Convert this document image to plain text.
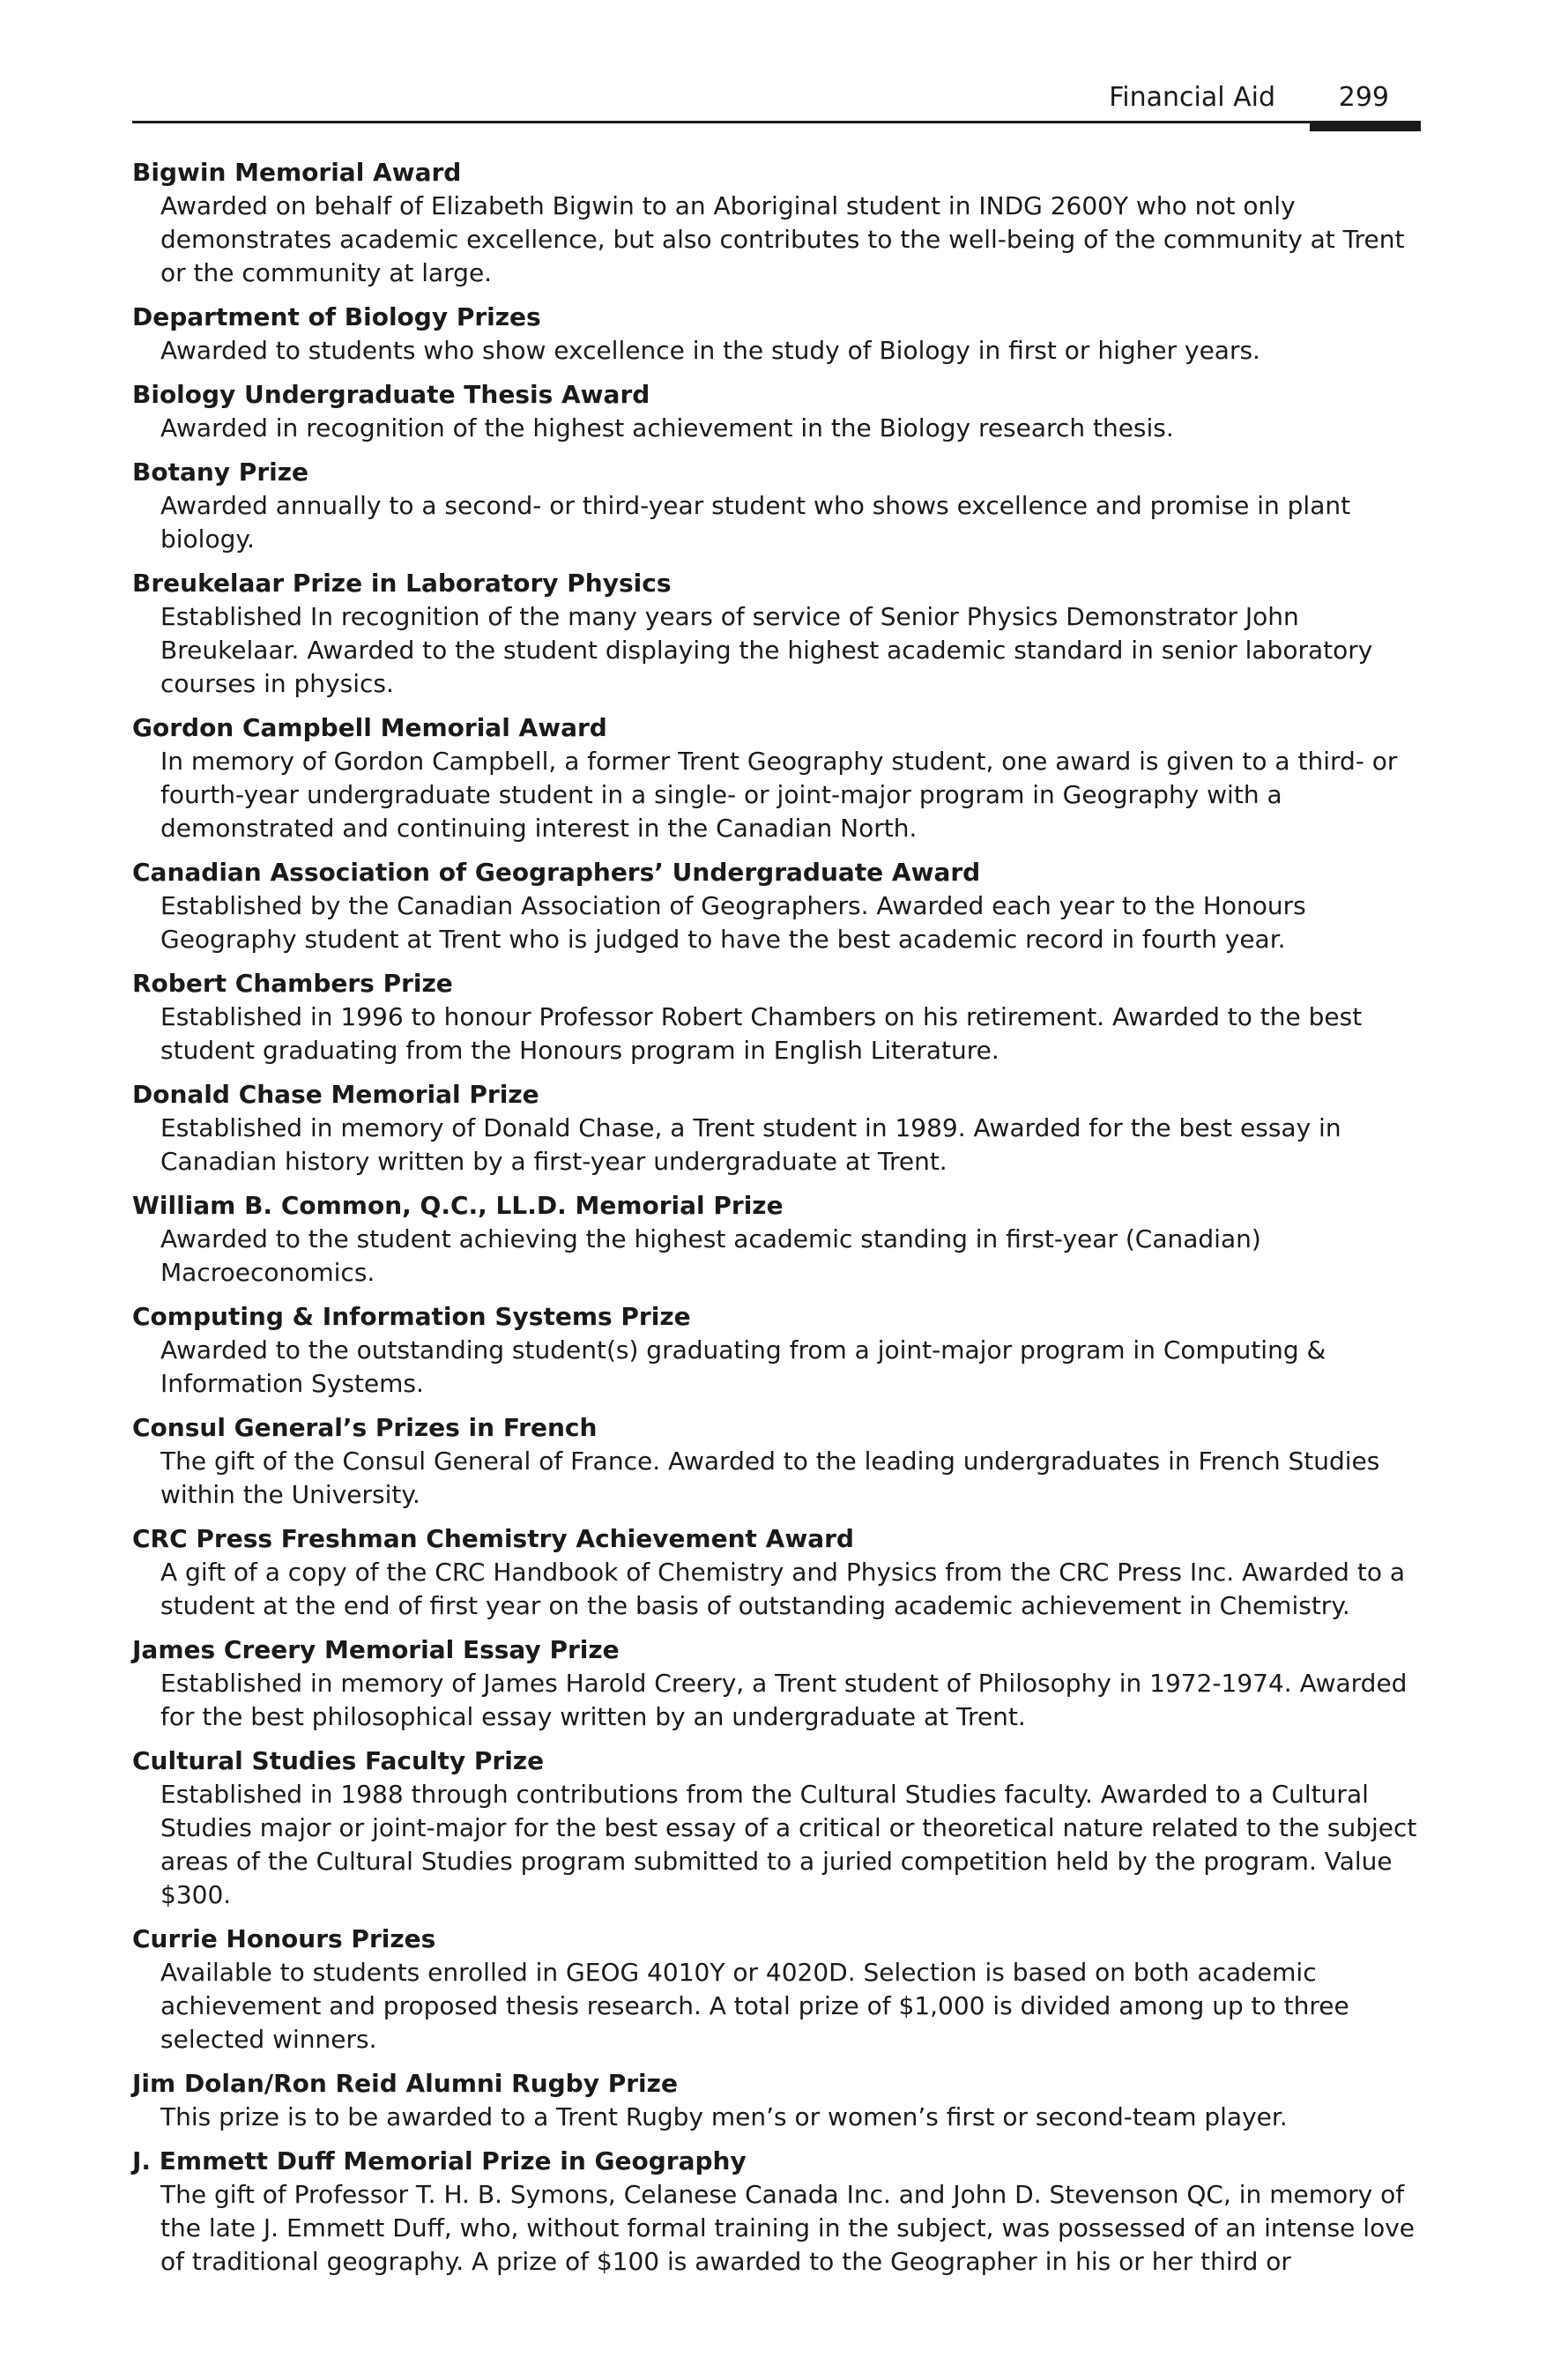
Financial Aid 299

Bigwin Memorial Award

Awarded on behalf of Elizabeth Bigwin to an Aboriginal student in INDG 2600Y who not only demonstrates academic excellence, but also contributes to the well-being of the community at Trent or the community at large.

Department of Biology Prizes

Awarded to students who show excellence in the study of Biology in first or higher years.

Biology Undergraduate Thesis Award

Awarded in recognition of the highest achievement in the Biology research thesis.

Botany Prize

Awarded annually to a second- or third-year student who shows excellence and promise in plant biology.

Breukelaar Prize in Laboratory Physics

Established In recognition of the many years of service of Senior Physics Demonstrator John Breukelaar. Awarded to the student displaying the highest academic standard in senior laboratory courses in physics.

Gordon Campbell Memorial Award

In memory of Gordon Campbell, a former Trent Geography student, one award is given to a third- or fourth-year undergraduate student in a single- or joint-major program in Geography with a demonstrated and continuing interest in the Canadian North.

Canadian Association of Geographers’ Undergraduate Award

Established by the Canadian Association of Geographers. Awarded each year to the Honours Geography student at Trent who is judged to have the best academic record in fourth year.

Robert Chambers Prize

Established in 1996 to honour Professor Robert Chambers on his retirement. Awarded to the best student graduating from the Honours program in English Literature.

Donald Chase Memorial Prize

Established in memory of Donald Chase, a Trent student in 1989. Awarded for the best essay in Canadian history written by a first-year undergraduate at Trent.

William B. Common, Q.C., LL.D. Memorial Prize

Awarded to the student achieving the highest academic standing in first-year (Canadian) Macroeconomics.

Computing & Information Systems Prize

Awarded to the outstanding student(s) graduating from a joint-major program in Computing & Information Systems.

Consul General’s Prizes in French

The gift of the Consul General of France. Awarded to the leading undergraduates in French Studies within the University.

CRC Press Freshman Chemistry Achievement Award

A gift of a copy of the CRC Handbook of Chemistry and Physics from the CRC Press Inc. Awarded to a student at the end of first year on the basis of outstanding academic achievement in Chemistry.

James Creery Memorial Essay Prize

Established in memory of James Harold Creery, a Trent student of Philosophy in 1972-1974. Awarded for the best philosophical essay written by an undergraduate at Trent.

Cultural Studies Faculty Prize

Established in 1988 through contributions from the Cultural Studies faculty. Awarded to a Cultural Studies major or joint-major for the best essay of a critical or theoretical nature related to the subject areas of the Cultural Studies program submitted to a juried competition held by the program. Value $300.

Currie Honours Prizes

Available to students enrolled in GEOG 4010Y or 4020D. Selection is based on both academic achievement and proposed thesis research. A total prize of $1,000 is divided among up to three selected winners.

Jim Dolan/Ron Reid Alumni Rugby Prize

This prize is to be awarded to a Trent Rugby men’s or women’s first or second-team player.

J. Emmett Duff Memorial Prize in Geography

The gift of Professor T. H. B. Symons, Celanese Canada Inc. and John D. Stevenson QC, in memory of the late J. Emmett Duff, who, without formal training in the subject, was possessed of an intense love of traditional geography. A prize of $100 is awarded to the Geographer in his or her third or
